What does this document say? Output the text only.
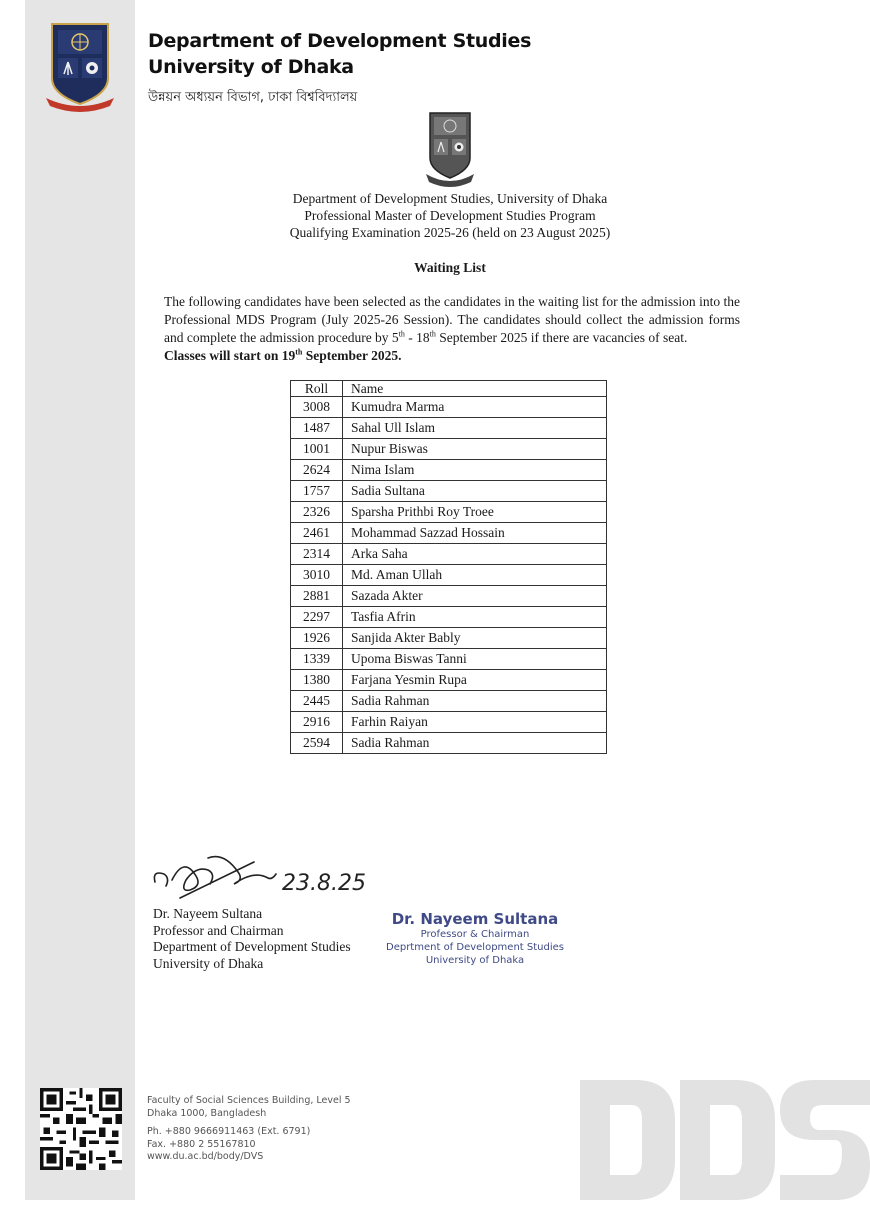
Department of Development Studies
University of Dhaka
উন্নয়ন অধ্যয়ন বিভাগ, ঢাকা বিশ্ববিদ্যালয়
Department of Development Studies, University of Dhaka
Professional Master of Development Studies Program
Qualifying Examination 2025-26 (held on 23 August 2025)
Waiting List
The following candidates have been selected as the candidates in the waiting list for the admission into the Professional MDS Program (July 2025-26 Session). The candidates should collect the admission forms and complete the admission procedure by 5th - 18th September 2025 if there are vacancies of seat.
Classes will start on 19th September 2025.
Roll	Name
3008	Kumudra Marma
1487	Sahal Ull Islam
1001	Nupur Biswas
2624	Nima Islam
1757	Sadia Sultana
2326	Sparsha Prithbi Roy Troee
2461	Mohammad Sazzad Hossain
2314	Arka Saha
3010	Md. Aman Ullah
2881	Sazada Akter
2297	Tasfia Afrin
1926	Sanjida Akter Bably
1339	Upoma Biswas Tanni
1380	Farjana Yesmin Rupa
2445	Sadia Rahman
2916	Farhin Raiyan
2594	Sadia Rahman
23.8.25
Dr. Nayeem Sultana
Professor and Chairman
Department of Development Studies
University of Dhaka
Dr. Nayeem Sultana
Professor & Chairman
Deprtment of Development Studies
University of Dhaka
Faculty of Social Sciences Building, Level 5
Dhaka 1000, Bangladesh
Ph. +880 9666911463 (Ext. 6791)
Fax. +880 2 55167810
www.du.ac.bd/body/DVS
